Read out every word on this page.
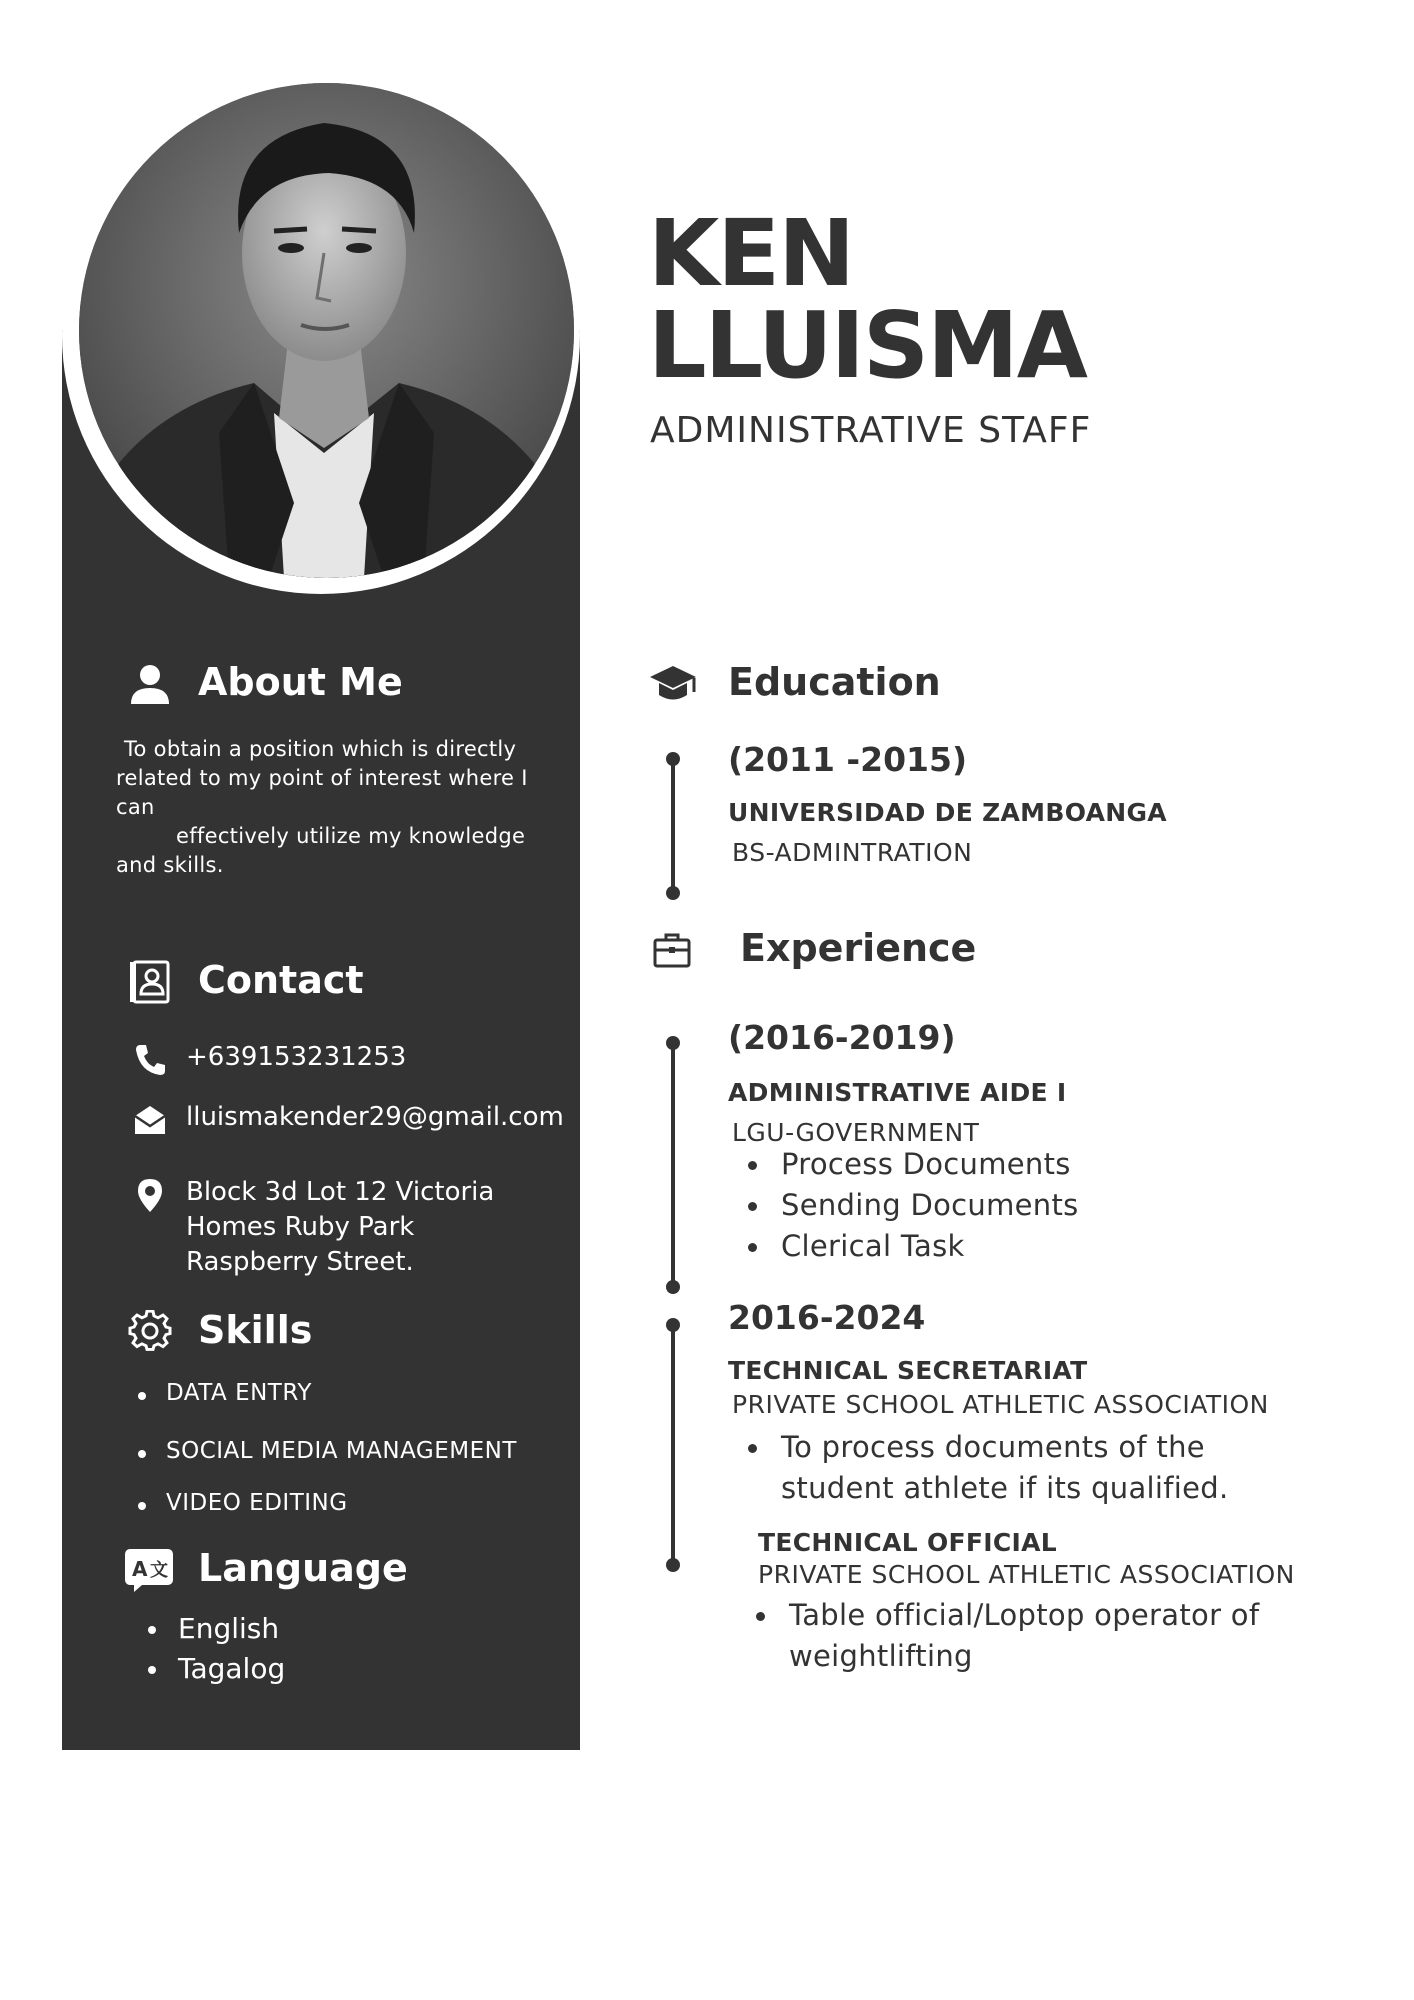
KEN
LLUISMA
ADMINISTRATIVE STAFF
About Me

To obtain a position which is directly
related to my point of interest where I
can
effectively utilize my knowledge
and skills.

Contact
+639153231253
lluismakender29@gmail.com
Block 3d Lot 12 Victoria
Homes Ruby Park
Raspberry Street.
Skills
DATA ENTRY
SOCIAL MEDIA MANAGEMENT
VIDEO EDITING
A 文 Language
English
Tagalog
Education

(2011 -2015)

UNIVERSIDAD DE ZAMBOANGA

BS-ADMINTRATION

Experience

(2016-2019)

ADMINISTRATIVE AIDE I

LGU-GOVERNMENT

Process Documents
Sending Documents
Clerical Task

2016-2024

TECHNICAL SECRETARIAT

PRIVATE SCHOOL ATHLETIC ASSOCIATION

To process documents of the
student athlete if its qualified.

TECHNICAL OFFICIAL

PRIVATE SCHOOL ATHLETIC ASSOCIATION

Table official/Loptop operator of
weightlifting
